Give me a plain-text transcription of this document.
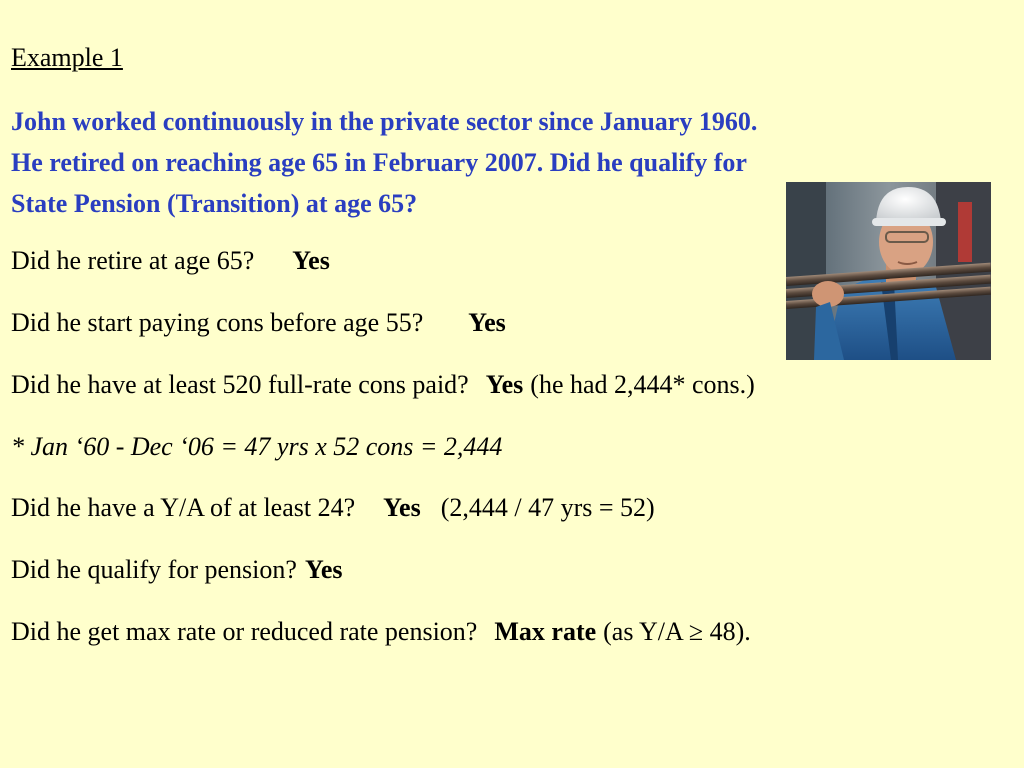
Example 1
John worked continuously in the private sector since January 1960.
He retired on reaching age 65 in February 2007. Did he qualify for
State Pension (Transition) at age 65?
Did he retire at age 65? Yes
Did he start paying cons before age 55? Yes
Did he have at least 520 full-rate cons paid? Yes (he had 2,444* cons.)
* Jan ‘60 - Dec ‘06 = 47 yrs x 52 cons = 2,444
Did he have a Y/A of at least 24? Yes (2,444 / 47 yrs = 52)
Did he qualify for pension? Yes
Did he get max rate or reduced rate pension? Max rate (as Y/A ≥ 48).
